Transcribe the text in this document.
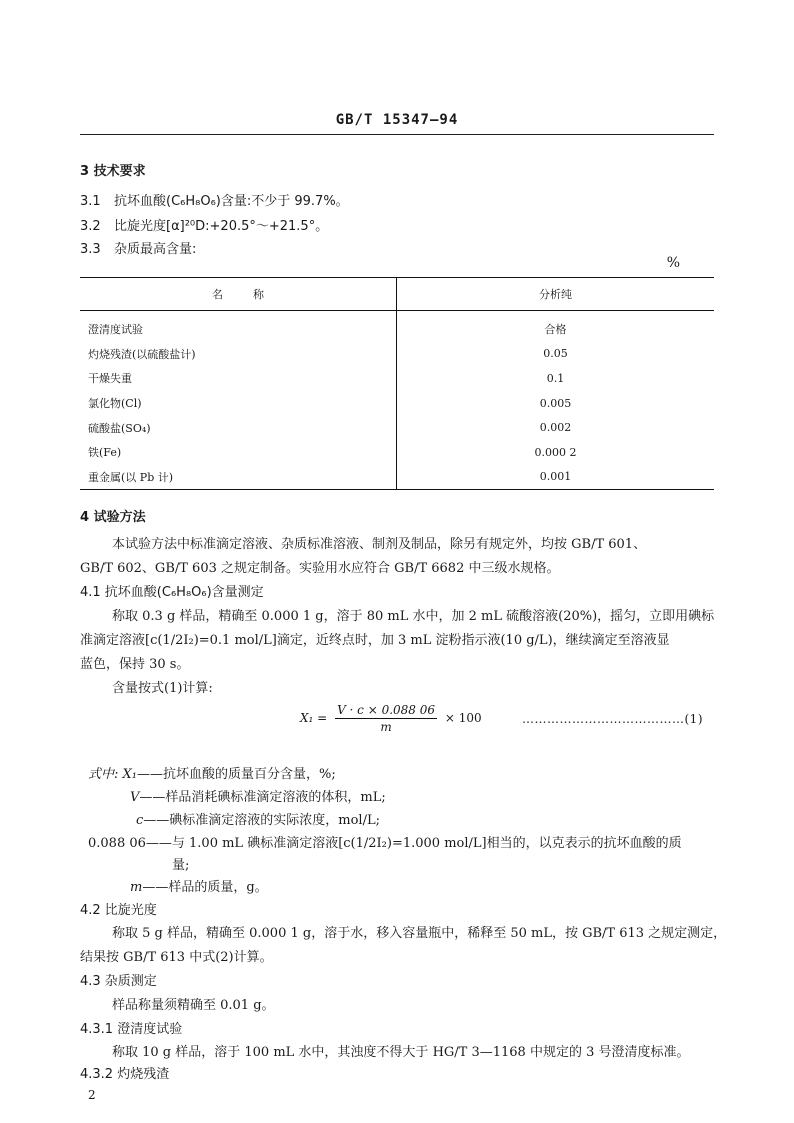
GB/T 15347—94
3 技术要求
3.1 抗坏血酸(C₆H₈O₆)含量:不少于 99.7%。
3.2 比旋光度[α]²⁰D:+20.5°～+21.5°。
3.3 杂质最高含量:
%
名称	分析纯

澄清度试验	合格
灼烧残渣(以硫酸盐计)	0.05
干燥失重	0.1
氯化物(Cl)	0.005
硫酸盐(SO₄)	0.002
铁(Fe)	0.000 2
重金属(以 Pb 计)	0.001
4 试验方法
本试验方法中标准滴定溶液、杂质标准溶液、制剂及制品，除另有规定外，均按 GB/T 601、
GB/T 602、GB/T 603 之规定制备。实验用水应符合 GB/T 6682 中三级水规格。
4.1 抗坏血酸(C₆H₈O₆)含量测定
称取 0.3 g 样品，精确至 0.000 1 g，溶于 80 mL 水中，加 2 mL 硫酸溶液(20%)，摇匀，立即用碘标
准滴定溶液[c(1/2I₂)=0.1 mol/L]滴定，近终点时，加 3 mL 淀粉指示液(10 g/L)，继续滴定至溶液显
蓝色，保持 30 s。
含量按式(1)计算:
$X_1 = \frac{V \cdot c \times 0.088 06}{m} \times 100$	…………………………………(1)
式中: X₁——抗坏血酸的质量百分含量，%;
V——样品消耗碘标准滴定溶液的体积，mL;
c——碘标准滴定溶液的实际浓度，mol/L;
0.088 06——与 1.00 mL 碘标准滴定溶液[c(1/2I₂)=1.000 mol/L]相当的，以克表示的抗坏血酸的质
量;
m——样品的质量，g。
4.2 比旋光度
称取 5 g 样品，精确至 0.000 1 g，溶于水，移入容量瓶中，稀释至 50 mL，按 GB/T 613 之规定测定，
结果按 GB/T 613 中式(2)计算。
4.3 杂质测定
样品称量须精确至 0.01 g。
4.3.1 澄清度试验
称取 10 g 样品，溶于 100 mL 水中，其浊度不得大于 HG/T 3—1168 中规定的 3 号澄清度标准。
4.3.2 灼烧残渣
2
